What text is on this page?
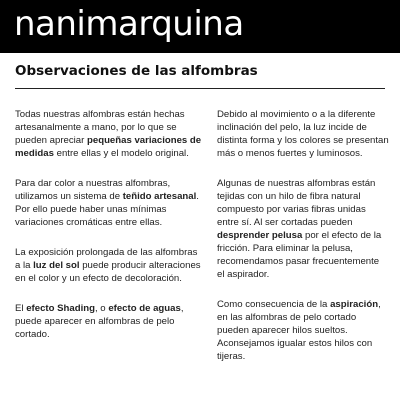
nanimarquina
Observaciones de las alfombras

Todas nuestras alfombras están hechas artesanalmente a mano, por lo que se pueden apreciar pequeñas variaciones de medidas entre ellas y el modelo original.

Para dar color a nuestras alfombras, utilizamos un sistema de teñido artesanal. Por ello puede haber unas mínimas variaciones cromáticas entre ellas.

La exposición prolongada de las alfombras a la luz del sol puede producir alteraciones en el color y un efecto de decoloración.

El efecto Shading, o efecto de aguas, puede aparecer en alfombras de pelo cortado.

Debido al movimiento o a la diferente inclinación del pelo, la luz incide de distinta forma y los colores se presentan más o menos fuertes y luminosos.

Algunas de nuestras alfombras están tejidas con un hilo de fibra natural compuesto por varias fibras unidas entre sí. Al ser cortadas pueden desprender pelusa por el efecto de la fricción. Para eliminar la pelusa, recomendamos pasar frecuentemente el aspirador.

Como consecuencia de la aspiración, en las alfombras de pelo cortado pueden aparecer hilos sueltos. Aconsejamos igualar estos hilos con tijeras.
